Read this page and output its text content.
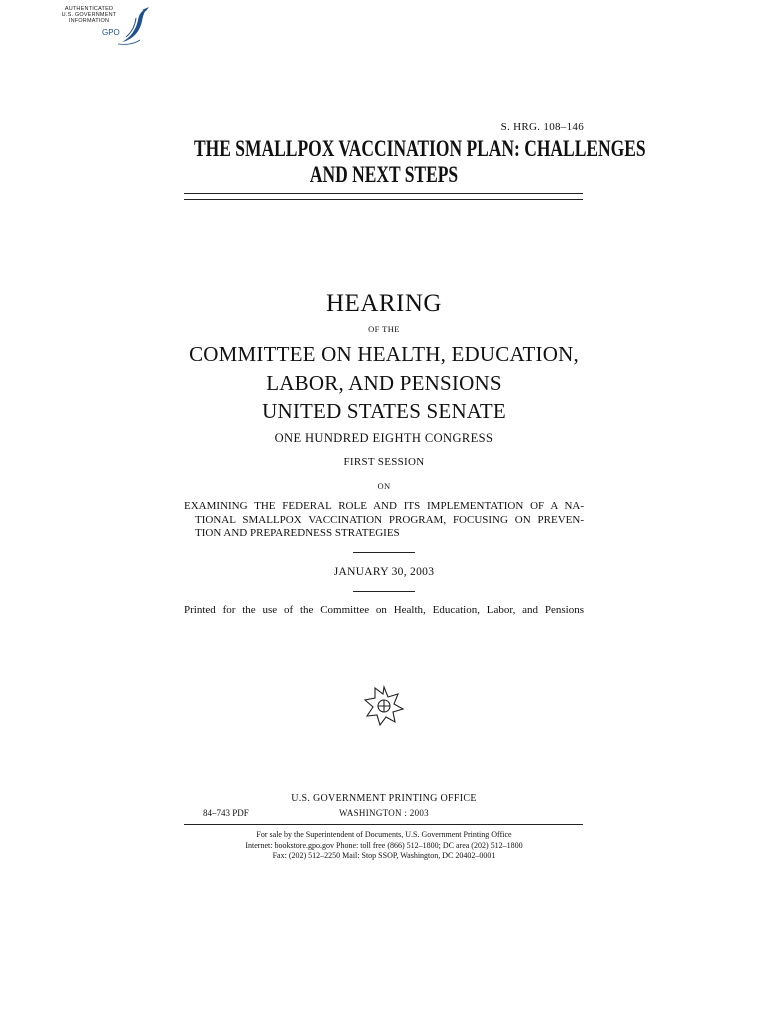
AUTHENTICATED
U.S. GOVERNMENT
INFORMATION
GPO
S. HRG. 108–146
THE SMALLPOX VACCINATION PLAN: CHALLENGES
AND NEXT STEPS
HEARING
OF THE
COMMITTEE ON HEALTH, EDUCATION,
LABOR, AND PENSIONS
UNITED STATES SENATE
ONE HUNDRED EIGHTH CONGRESS
FIRST SESSION
ON
EXAMINING THE FEDERAL ROLE AND ITS IMPLEMENTATION OF A NA-
TIONAL SMALLPOX VACCINATION PROGRAM, FOCUSING ON PREVEN-
TION AND PREPAREDNESS STRATEGIES
JANUARY 30, 2003
Printed for the use of the Committee on Health, Education, Labor, and Pensions
U.S. GOVERNMENT PRINTING OFFICE
84–743 PDF	WASHINGTON : 2003
For sale by the Superintendent of Documents, U.S. Government Printing Office
Internet: bookstore.gpo.gov Phone: toll free (866) 512–1800; DC area (202) 512–1800
Fax: (202) 512–2250 Mail: Stop SSOP, Washington, DC 20402–0001
